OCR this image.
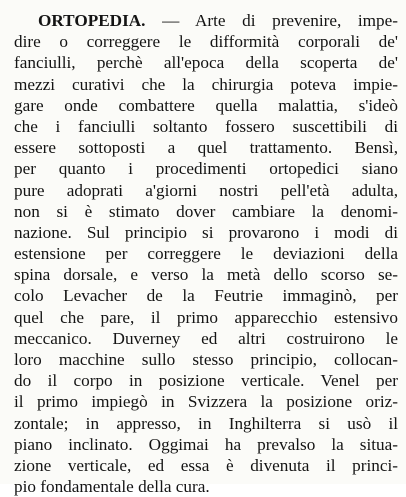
ORTOPEDIA. — Arte di prevenire, impe-
dire o correggere le difformità corporali de'
fanciulli, perchè all'epoca della scoperta de'
mezzi curativi che la chirurgia poteva impie-
gare onde combattere quella malattia, s'ideò
che i fanciulli soltanto fossero suscettibili di
essere sottoposti a quel trattamento. Bensì,
per quanto i procedimenti ortopedici siano
pure adoprati a'giorni nostri pell'età adulta,
non si è stimato dover cambiare la denomi-
nazione. Sul principio si provarono i modi di
estensione per correggere le deviazioni della
spina dorsale, e verso la metà dello scorso se-
colo Levacher de la Feutrie immaginò, per
quel che pare, il primo apparecchio estensivo
meccanico. Duverney ed altri costruirono le
loro macchine sullo stesso principio, collocan-
do il corpo in posizione verticale. Venel per
il primo impiegò in Svizzera la posizione oriz-
zontale; in appresso, in Inghilterra si usò il
piano inclinato. Oggimai ha prevalso la situa-
zione verticale, ed essa è divenuta il princi-
pio fondamentale della cura.
